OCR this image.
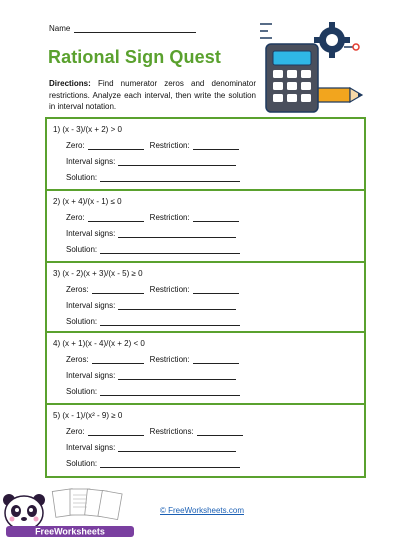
Name
Rational Sign Quest
Directions: Find numerator zeros and denominator restrictions. Analyze each interval, then write the solution in interval notation.
1) (x - 3)/(x + 2) > 0
Zero:	Restriction:
Interval signs:
Solution:
2) (x + 4)/(x - 1) ≤ 0
Zero:	Restriction:
Interval signs:
Solution:
3) (x - 2)(x + 3)/(x - 5) ≥ 0
Zeros:	Restriction:
Interval signs:
Solution:
4) (x + 1)(x - 4)/(x + 2) < 0
Zeros:	Restriction:
Interval signs:
Solution:
5) (x - 1)/(x² - 9) ≥ 0
Zero:	Restrictions:
Interval signs:
Solution:
FreeWorksheets
© FreeWorksheets.com
